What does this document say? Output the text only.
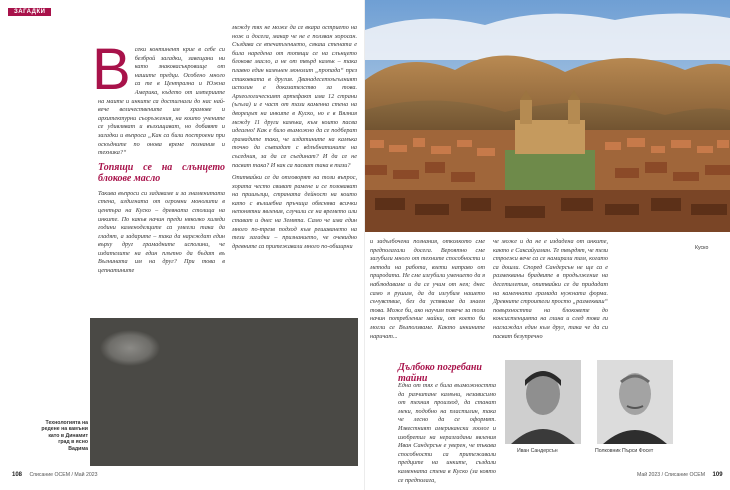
ЗАГАДКИ
В секи континент крие в себе си безброй загадки, завещани ни като знаковасъкровище от нашите предци. Особено много са те в Централна и Южна Америка, където от империите на маите и инките са достигнали до нас най-вече величествените им храмове и архитектурни съоръжения, на които учените се удивляват и възхищават, но добавят и загадки и въпроса „Как са били построени при оскъдните по онова време познания и техника?“

Топящи се на слънцето блокове масло

Такива въпроси си задаваме и за знаменитата стена, издигната от огромни монолити в центъра на Куско – древната столица на инките. По какъв начин преди няколко хиляди години каменоделците са умеели така да гладят, а задарите – така да нареждат един върху друг грамадните исполини, че издателите на един плътно да бъдат въ Вълнината им на друг? При това в цепнатините

между тях не може да се вкара острието на нож и досега, макар че не е ползван хоросан. Създава се впечатлението, сякаш стената е била наредена от топящи се на слънцето блокове масло, а не от твърд камък – така плавно един камънен монолит „пропада“ през стиковката в другия. Дванадесетоъгълният исполин е доказателство за това. Археологическият артефакт има 12 страни (ъгъла) и е част от тази каменна стена на дворецът на инките в Куско, но е в Вялния между 11 други камъка, към които пасва идеално! Как е било възможно да се подберат грамадите така, че издатините на камъка точно да съвпадат с вдлъбнатините на съседния, за да се съединат? И да се не пасват така? И как са пасват така в тази?

Опитвайки се да отговорят на този въпрос, хората често свиват рамене и се позовават на пришълци, страната дейност на които като с вълшебна пръчица обяснява всички непонятни явления, случили се на времето или стават и днес на Земята. Само че има един много по-трезв подход към решаването на тези загадки – признанието, че очевидно древните са притежавали много по-обширни

Технологията на редене на камъни като в Динамит град в ясно Вадима
108 Списание ОСЕМ / Май 2023

и задълбочени познания, отколкото сме предполагали досега. Вероятно сме загубили много от техните способности и методи на работа, взети направо от природата. Не сме изгубили умението да я наблюдаваме и да се учим от нея; днес само я рушим, да да изгубим нашето съчувствие, без да успяваме да знаем това. Може би, ако научим повече за този начин потребление майки, от което би могли се Възползваме. Както инкините наричат...

че може и да не е издадена от инките, както е Саксайуаман. Те твърдят, че тези строежи вече са се намирали там, когато са дошли. Според Сандерсън не ще са е размекваны брадвите в продължение на десетилетия, опитвайки се да придадат на каменната грамада нужната форма. Древните строители просто „размекваш“ повърхността на блоковете до консистенцията на глина и след това ги наглаждал един към друг, така че да си пасват безупречно

Куско
Дълбоко погребани тайни

Една от тях е била възможността да разчитане камъни, независимо от техния произход, да станат меки, подобно на пластилин, така че лесно да се оформят. Известният американски зоолог и изобретил на неразгадани явления Иван Сандерсън е уверен, че тъкава способности са притежавали предците на инките, създали каменната стена в Куско (за която се предполага,

Иван Сандерсън	Полковник Пърси Фосет
Май 2023 / Списание ОСЕМ 109
